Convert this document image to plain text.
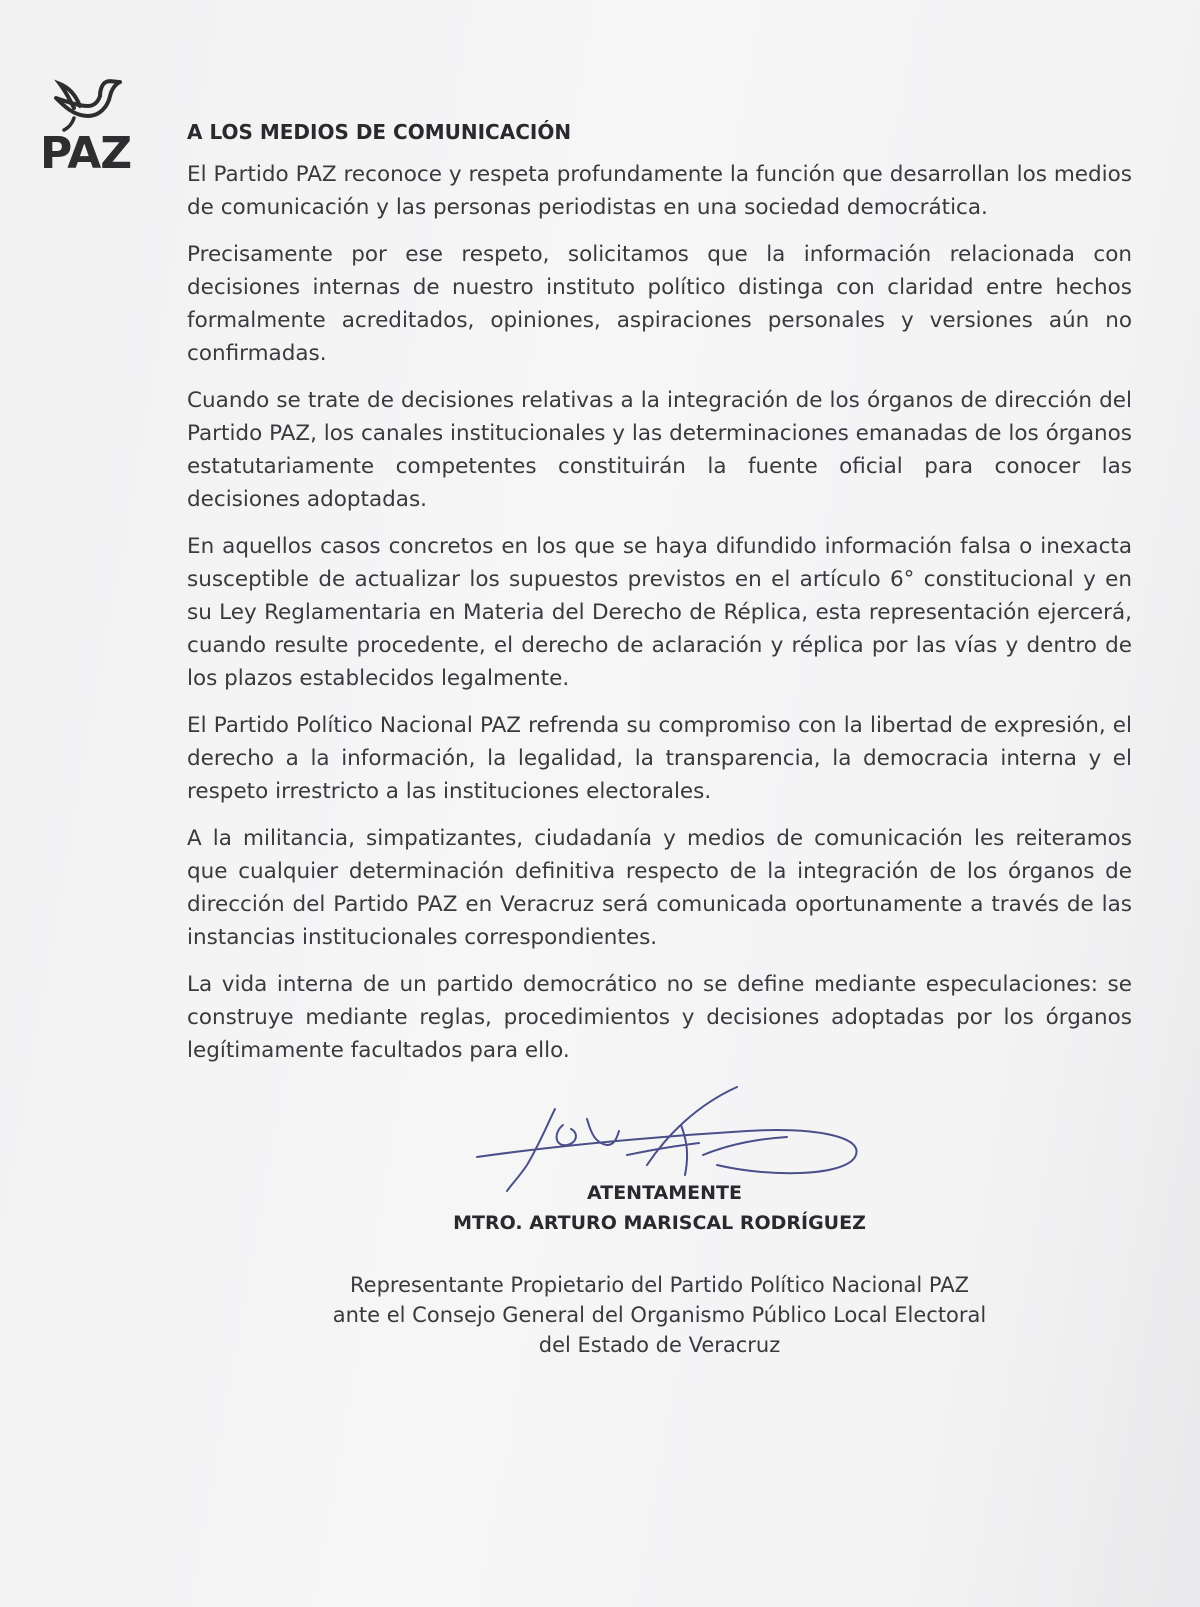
PAZ	A LOS MEDIOS DE COMUNICACIÓN

El Partido PAZ reconoce y respeta profundamente la función que desarrollan los medios de comunicación y las personas periodistas en una sociedad democrática.

Precisamente por ese respeto, solicitamos que la información relacionada con decisiones internas de nuestro instituto político distinga con claridad entre hechos formalmente acreditados, opiniones, aspiraciones personales y versiones aún no confirmadas.

Cuando se trate de decisiones relativas a la integración de los órganos de dirección del Partido PAZ, los canales institucionales y las determinaciones emanadas de los órganos estatutariamente competentes constituirán la fuente oficial para conocer las decisiones adoptadas.

En aquellos casos concretos en los que se haya difundido información falsa o inexacta susceptible de actualizar los supuestos previstos en el artículo 6° constitucional y en su Ley Reglamentaria en Materia del Derecho de Réplica, esta representación ejercerá, cuando resulte procedente, el derecho de aclaración y réplica por las vías y dentro de los plazos establecidos legalmente.

El Partido Político Nacional PAZ refrenda su compromiso con la libertad de expresión, el derecho a la información, la legalidad, la transparencia, la democracia interna y el respeto irrestricto a las instituciones electorales.

A la militancia, simpatizantes, ciudadanía y medios de comunicación les reiteramos que cualquier determinación definitiva respecto de la integración de los órganos de dirección del Partido PAZ en Veracruz será comunicada oportunamente a través de las instancias institucionales correspondientes.

La vida interna de un partido democrático no se define mediante especulaciones: se construye mediante reglas, procedimientos y decisiones adoptadas por los órganos legítimamente facultados para ello.

ATENTAMENTE
MTRO. ARTURO MARISCAL RODRÍGUEZ
Representante Propietario del Partido Político Nacional PAZ
ante el Consejo General del Organismo Público Local Electoral
del Estado de Veracruz
